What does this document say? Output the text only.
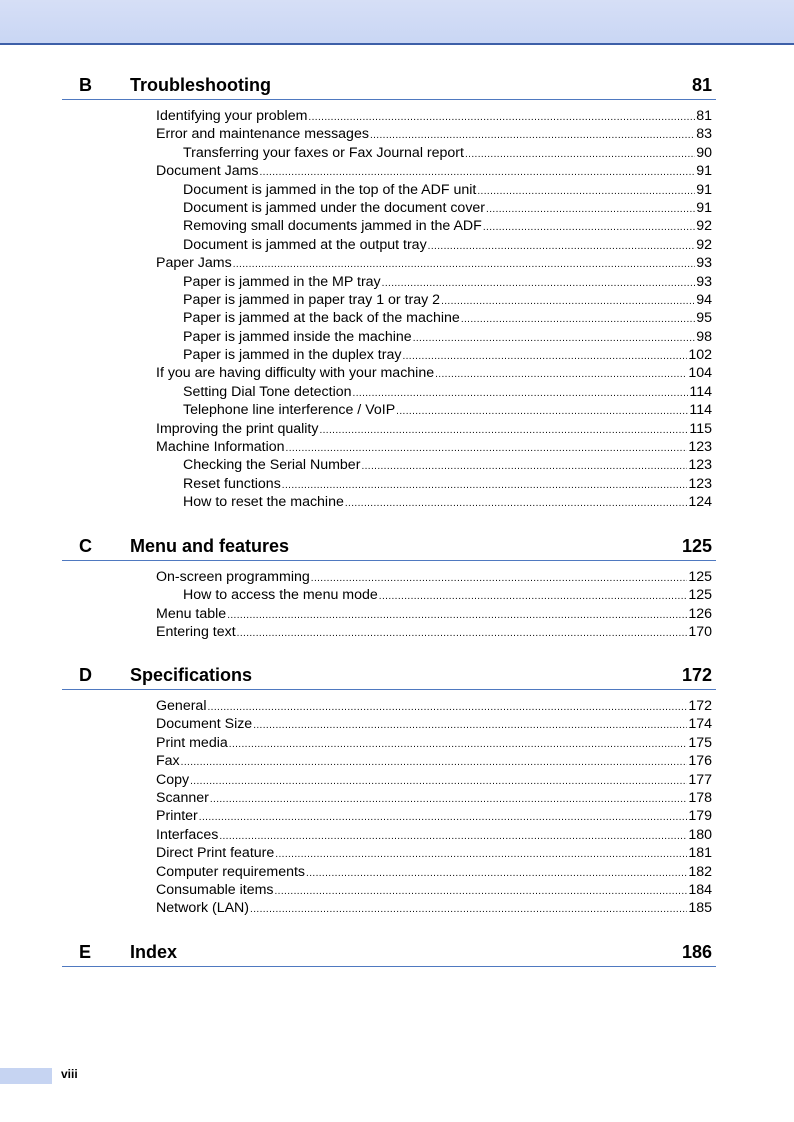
B Troubleshooting	81
Identifying your problem .....	81
Error and maintenance messages .....	83
Transferring your faxes or Fax Journal report .....	90
Document Jams .....	91
Document is jammed in the top of the ADF unit .....	91
Document is jammed under the document cover .....	91
Removing small documents jammed in the ADF .....	92
Document is jammed at the output tray .....	92
Paper Jams .....	93
Paper is jammed in the MP tray .....	93
Paper is jammed in paper tray 1 or tray 2 .....	94
Paper is jammed at the back of the machine .....	95
Paper is jammed inside the machine .....	98
Paper is jammed in the duplex tray .....	102
If you are having difficulty with your machine .....	104
Setting Dial Tone detection .....	114
Telephone line interference / VoIP .....	114
Improving the print quality .....	115
Machine Information .....	123
Checking the Serial Number .....	123
Reset functions .....	123
How to reset the machine .....	124
C Menu and features	125
On-screen programming .....	125
How to access the menu mode .....	125
Menu table .....	126
Entering text .....	170
D Specifications	172
General .....	172
Document Size .....	174
Print media .....	175
Fax .....	176
Copy .....	177
Scanner .....	178
Printer .....	179
Interfaces .....	180
Direct Print feature .....	181
Computer requirements .....	182
Consumable items .....	184
Network (LAN) .....	185
E Index	186
viii
